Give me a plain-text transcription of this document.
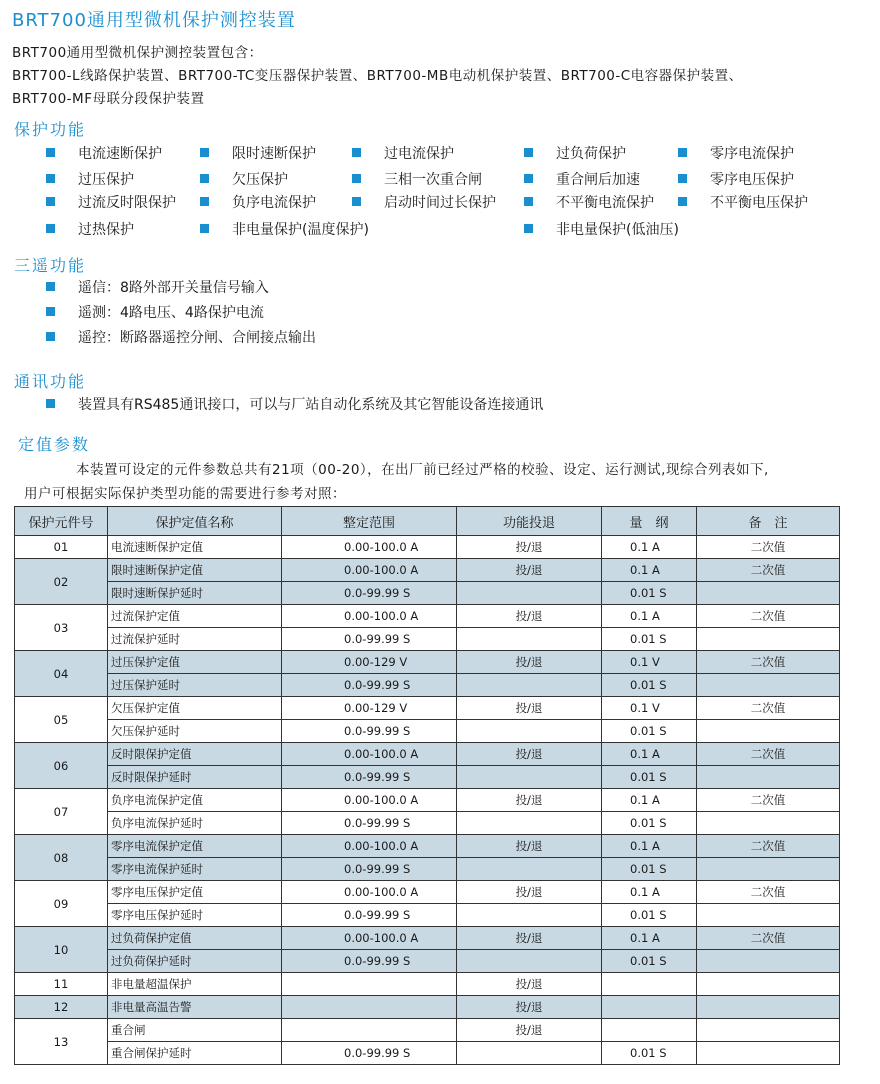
BRT700通用型微机保护测控装置
BRT700通用型微机保护测控装置包含：
BRT700-L线路保护装置、BRT700-TC变压器保护装置、BRT700-MB电动机保护装置、BRT700-C电容器保护装置、
BRT700-MF母联分段保护装置
保护功能
电流速断保护	限时速断保护	过电流保护	过负荷保护	零序电流保护
过压保护	欠压保护	三相一次重合闸	重合闸后加速	零序电压保护
过流反时限保护	负序电流保护	启动时间过长保护	不平衡电流保护	不平衡电压保护
过热保护	非电量保护(温度保护)	非电量保护(低油压)
三遥功能
遥信：8路外部开关量信号输入
遥测：4路电压、4路保护电流
遥控：断路器遥控分闸、合闸接点输出
通讯功能
装置具有RS485通讯接口，可以与厂站自动化系统及其它智能设备连接通讯
定值参数
本装置可设定的元件参数总共有21项（00-20），在出厂前已经过严格的校验、设定、运行测试,现综合列表如下,
用户可根据实际保护类型功能的需要进行参考对照：
保护元件号	保护定值名称	整定范围	功能投退	量　纲	备　注
01	电流速断保护定值	0.00-100.0 A	投/退	0.1 A	二次值
02	限时速断保护定值	0.00-100.0 A	投/退	0.1 A	二次值
	限时速断保护延时	0.0-99.99 S		0.01 S	
03	过流保护定值	0.00-100.0 A	投/退	0.1 A	二次值
	过流保护延时	0.0-99.99 S		0.01 S	
04	过压保护定值	0.00-129 V	投/退	0.1 V	二次值
	过压保护延时	0.0-99.99 S		0.01 S	
05	欠压保护定值	0.00-129 V	投/退	0.1 V	二次值
	欠压保护延时	0.0-99.99 S		0.01 S	
06	反时限保护定值	0.00-100.0 A	投/退	0.1 A	二次值
	反时限保护延时	0.0-99.99 S		0.01 S	
07	负序电流保护定值	0.00-100.0 A	投/退	0.1 A	二次值
	负序电流保护延时	0.0-99.99 S		0.01 S	
08	零序电流保护定值	0.00-100.0 A	投/退	0.1 A	二次值
	零序电流保护延时	0.0-99.99 S		0.01 S	
09	零序电压保护定值	0.00-100.0 A	投/退	0.1 A	二次值
	零序电压保护延时	0.0-99.99 S		0.01 S	
10	过负荷保护定值	0.00-100.0 A	投/退	0.1 A	二次值
	过负荷保护延时	0.0-99.99 S		0.01 S	
11	非电量超温保护		投/退		
12	非电量高温告警		投/退		
13	重合闸		投/退		
	重合闸保护延时	0.0-99.99 S		0.01 S	
